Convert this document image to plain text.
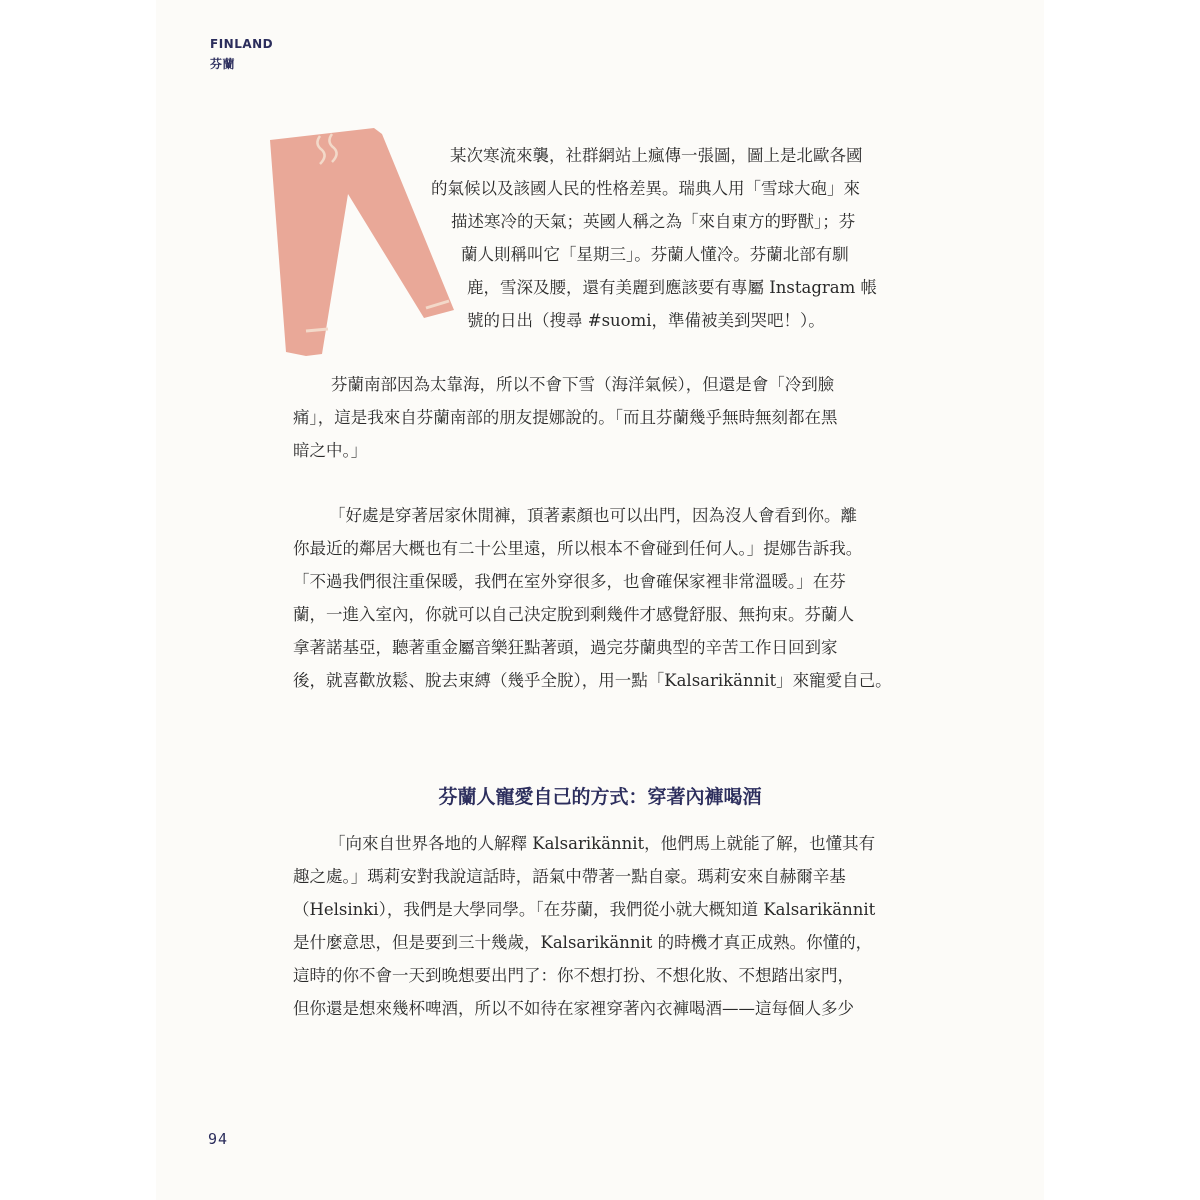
FINLAND
芬蘭
某次寒流來襲，社群網站上瘋傳一張圖，圖上是北歐各國
的氣候以及該國人民的性格差異。瑞典人用「雪球大砲」來
描述寒冷的天氣；英國人稱之為「來自東方的野獸」；芬
蘭人則稱叫它「星期三」。芬蘭人懂冷。芬蘭北部有馴
鹿，雪深及腰，還有美麗到應該要有專屬 Instagram 帳
號的日出（搜尋 #suomi，準備被美到哭吧！）。
芬蘭南部因為太靠海，所以不會下雪（海洋氣候），但還是會「冷到臉
痛」，這是我來自芬蘭南部的朋友提娜說的。「而且芬蘭幾乎無時無刻都在黑
暗之中。」
「好處是穿著居家休閒褲，頂著素顏也可以出門，因為沒人會看到你。離
你最近的鄰居大概也有二十公里遠，所以根本不會碰到任何人。」提娜告訴我。
「不過我們很注重保暖，我們在室外穿很多，也會確保家裡非常溫暖。」在芬
蘭，一進入室內，你就可以自己決定脫到剩幾件才感覺舒服、無拘束。芬蘭人
拿著諾基亞，聽著重金屬音樂狂點著頭，過完芬蘭典型的辛苦工作日回到家
後，就喜歡放鬆、脫去束縛（幾乎全脫），用一點「Kalsarikännit」來寵愛自己。
芬蘭人寵愛自己的方式：穿著內褲喝酒
「向來自世界各地的人解釋 Kalsarikännit，他們馬上就能了解，也懂其有
趣之處。」瑪莉安對我說這話時，語氣中帶著一點自豪。瑪莉安來自赫爾辛基
（Helsinki），我們是大學同學。「在芬蘭，我們從小就大概知道 Kalsarikännit
是什麼意思，但是要到三十幾歲，Kalsarikännit 的時機才真正成熟。你懂的，
這時的你不會一天到晚想要出門了：你不想打扮、不想化妝、不想踏出家門，
但你還是想來幾杯啤酒，所以不如待在家裡穿著內衣褲喝酒——這每個人多少
94
